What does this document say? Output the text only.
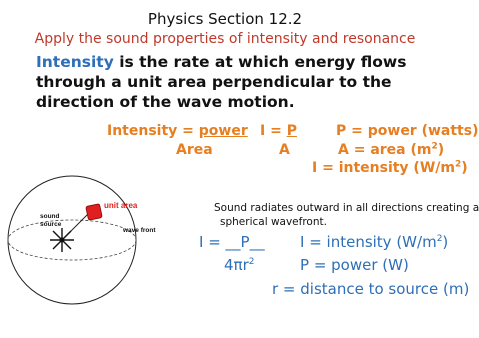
Physics Section 12.2
Apply the sound properties of intensity and resonance
Intensity is the rate at which energy flows through a unit area perpendicular to the direction of the wave motion.
Intensity = power
Area
I = P
A
P = power (watts)
A = area $(m^2)$
I = intensity $(W/m^2)$
unit area
sound
source
wave front
Sound radiates outward in all directions creating a
spherical wavefront.
I = __P__
$4\pi r^2$
I = intensity $(W/m^2)$
P = power (W)
r = distance to source (m)
